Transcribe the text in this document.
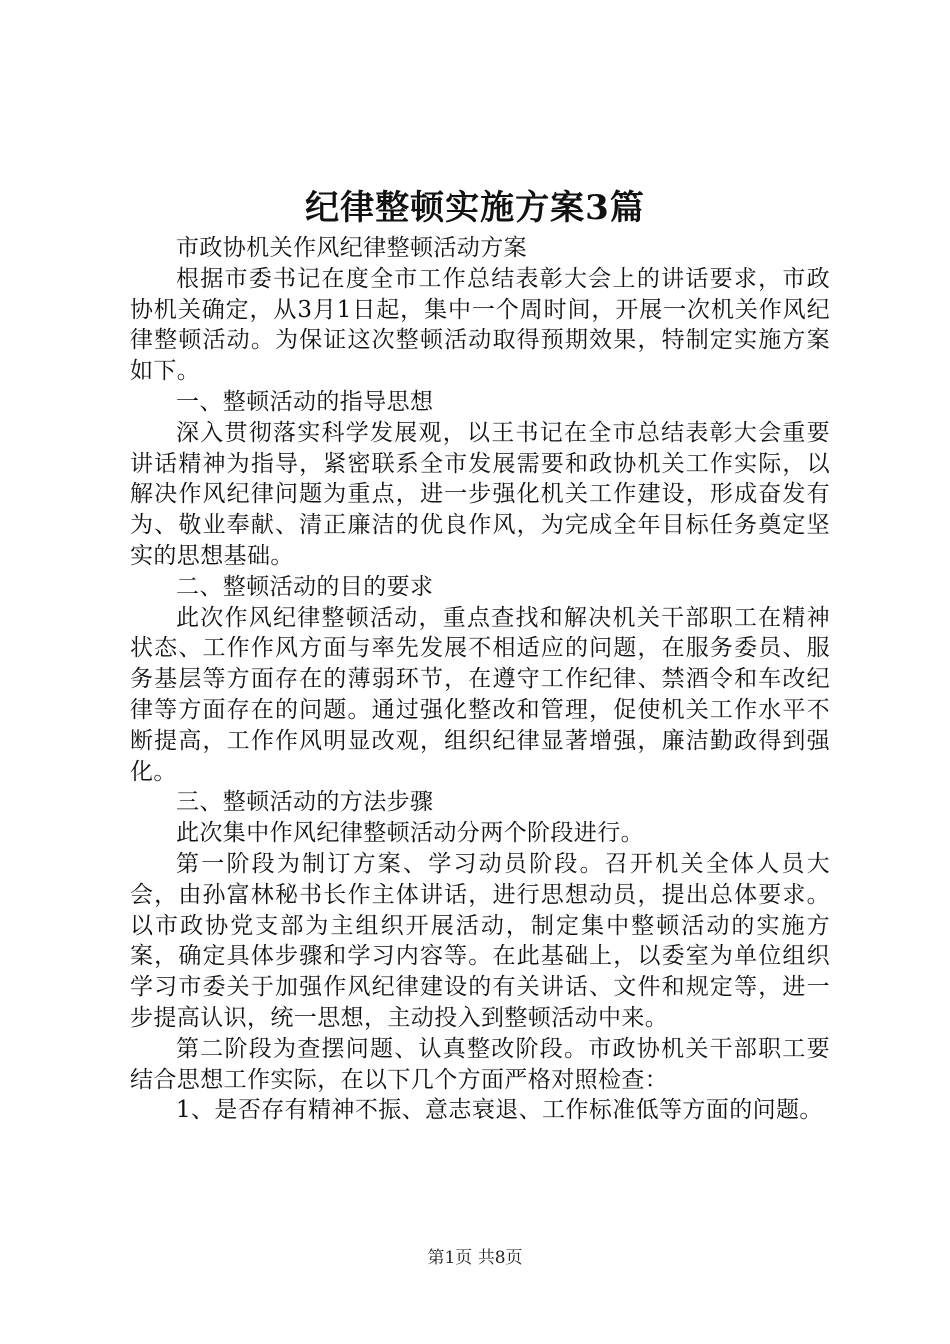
纪律整顿实施方案3篇

市政协机关作风纪律整顿活动方案

根据市委书记在度全市工作总结表彰大会上的讲话要求，市政协机关确定，从3月1日起，集中一个周时间，开展一次机关作风纪律整顿活动。为保证这次整顿活动取得预期效果，特制定实施方案如下。

一、整顿活动的指导思想

深入贯彻落实科学发展观，以王书记在全市总结表彰大会重要讲话精神为指导，紧密联系全市发展需要和政协机关工作实际，以解决作风纪律问题为重点，进一步强化机关工作建设，形成奋发有为、敬业奉献、清正廉洁的优良作风，为完成全年目标任务奠定坚实的思想基础。

二、整顿活动的目的要求

此次作风纪律整顿活动，重点查找和解决机关干部职工在精神状态、工作作风方面与率先发展不相适应的问题，在服务委员、服务基层等方面存在的薄弱环节，在遵守工作纪律、禁酒令和车改纪律等方面存在的问题。通过强化整改和管理，促使机关工作水平不断提高，工作作风明显改观，组织纪律显著增强，廉洁勤政得到强化。

三、整顿活动的方法步骤

此次集中作风纪律整顿活动分两个阶段进行。

第一阶段为制订方案、学习动员阶段。召开机关全体人员大会，由孙富林秘书长作主体讲话，进行思想动员，提出总体要求。以市政协党支部为主组织开展活动，制定集中整顿活动的实施方案，确定具体步骤和学习内容等。在此基础上，以委室为单位组织学习市委关于加强作风纪律建设的有关讲话、文件和规定等，进一步提高认识，统一思想，主动投入到整顿活动中来。

第二阶段为查摆问题、认真整改阶段。市政协机关干部职工要结合思想工作实际，在以下几个方面严格对照检查：

1、是否存有精神不振、意志衰退、工作标准低等方面的问题。

第1页 共8页
